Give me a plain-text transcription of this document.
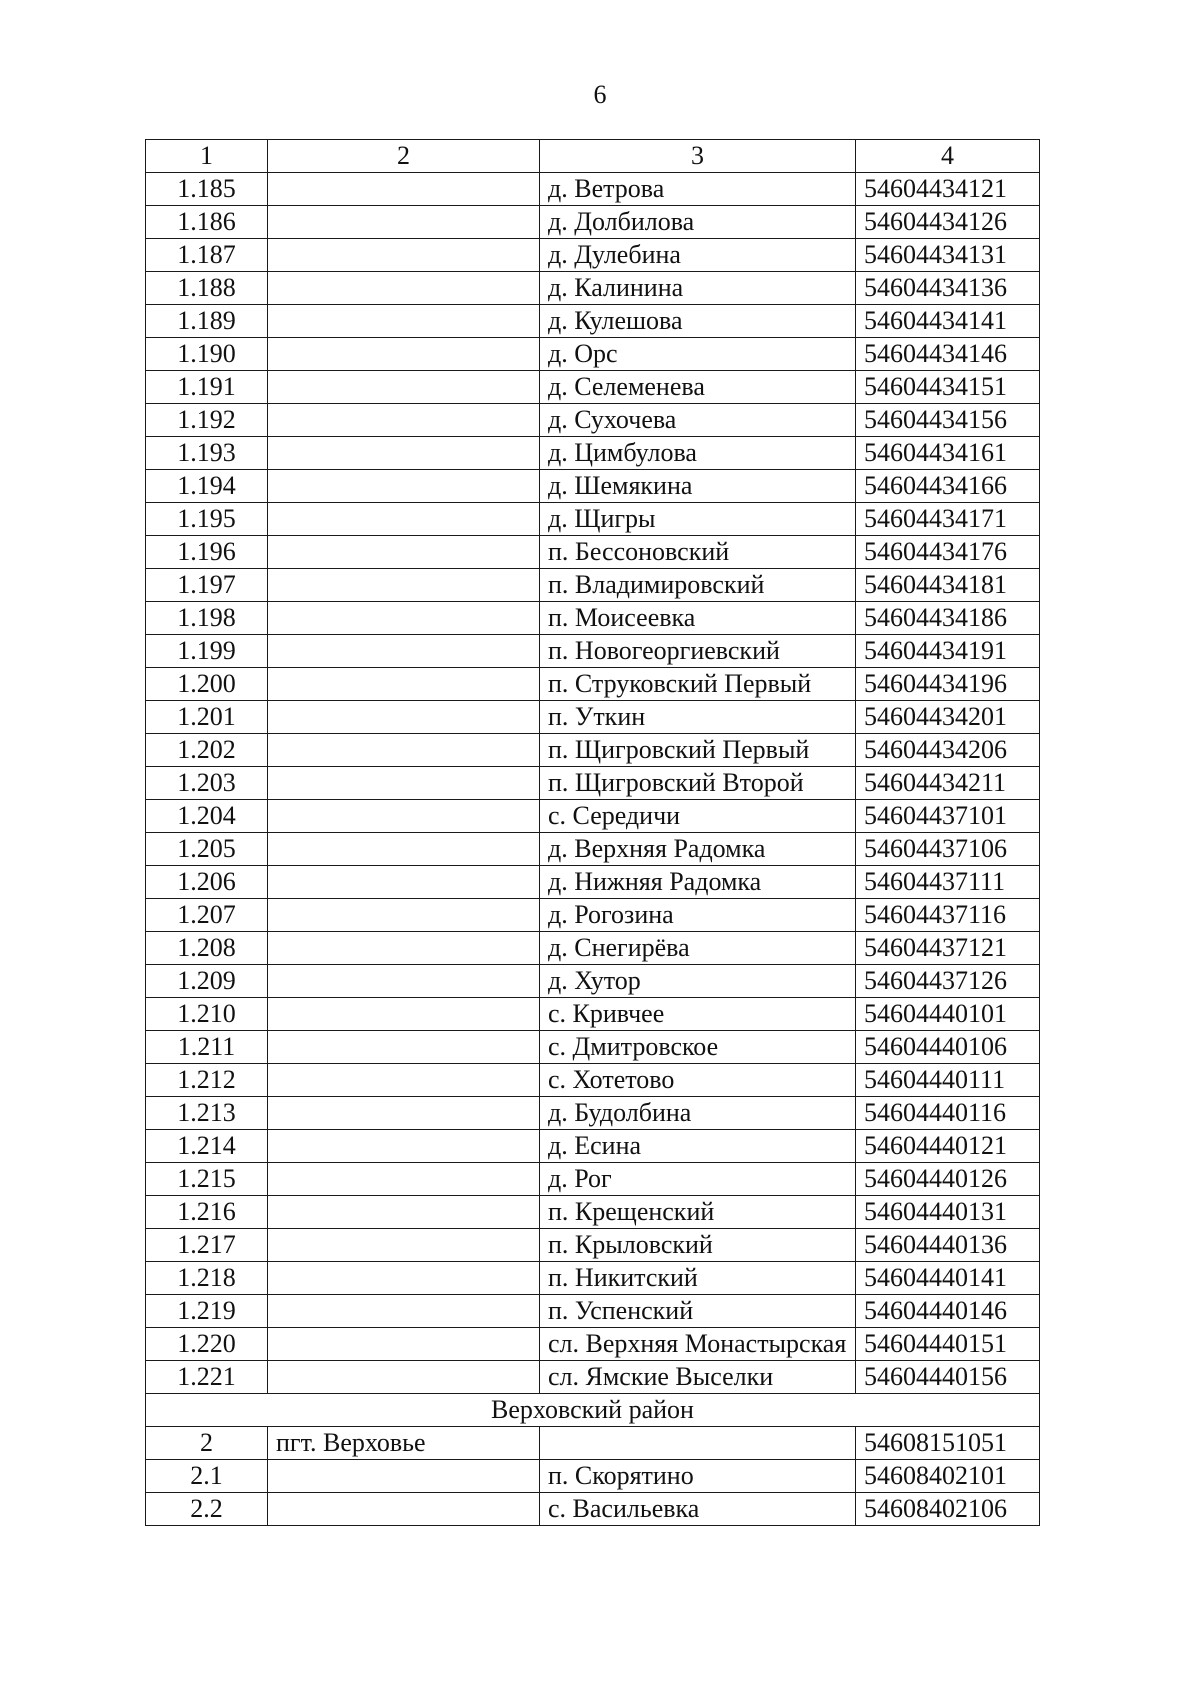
6
1	2	3	4
1.185		д. Ветрова	54604434121
1.186		д. Долбилова	54604434126
1.187		д. Дулебина	54604434131
1.188		д. Калинина	54604434136
1.189		д. Кулешова	54604434141
1.190		д. Орс	54604434146
1.191		д. Селеменева	54604434151
1.192		д. Сухочева	54604434156
1.193		д. Цимбулова	54604434161
1.194		д. Шемякина	54604434166
1.195		д. Щигры	54604434171
1.196		п. Бессоновский	54604434176
1.197		п. Владимировский	54604434181
1.198		п. Моисеевка	54604434186
1.199		п. Новогеоргиевский	54604434191
1.200		п. Струковский Первый	54604434196
1.201		п. Уткин	54604434201
1.202		п. Щигровский Первый	54604434206
1.203		п. Щигровский Второй	54604434211
1.204		с. Середичи	54604437101
1.205		д. Верхняя Радомка	54604437106
1.206		д. Нижняя Радомка	54604437111
1.207		д. Рогозина	54604437116
1.208		д. Снегирёва	54604437121
1.209		д. Хутор	54604437126
1.210		с. Кривчее	54604440101
1.211		с. Дмитровское	54604440106
1.212		с. Хотетово	54604440111
1.213		д. Будолбина	54604440116
1.214		д. Есина	54604440121
1.215		д. Рог	54604440126
1.216		п. Крещенский	54604440131
1.217		п. Крыловский	54604440136
1.218		п. Никитский	54604440141
1.219		п. Успенский	54604440146
1.220		сл. Верхняя Монастырская	54604440151
1.221		сл. Ямские Выселки	54604440156
Верховский район			
2	пгт. Верховье		54608151051
2.1		п. Скорятино	54608402101
2.2		с. Васильевка	54608402106
